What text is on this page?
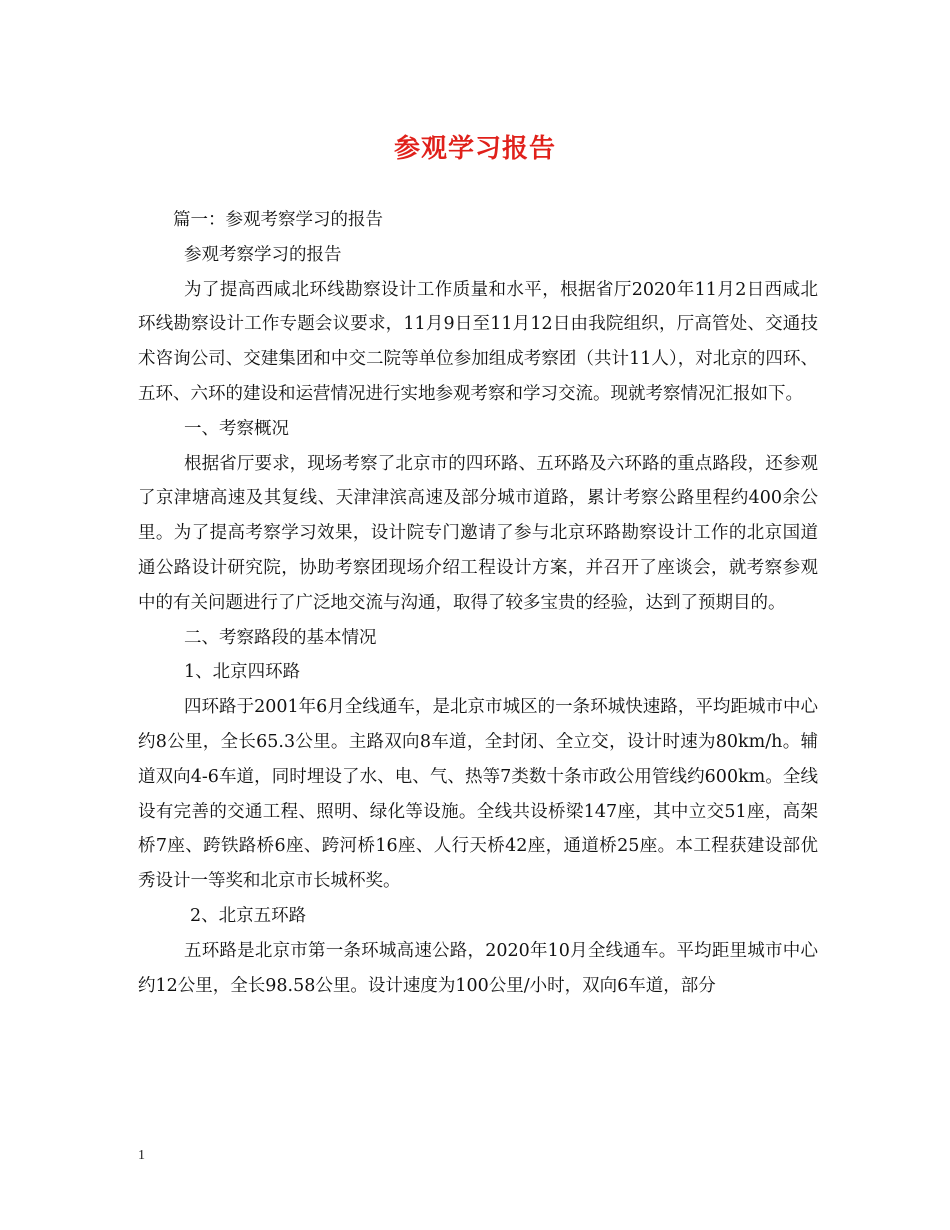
参观学习报告

篇一：参观考察学习的报告

参观考察学习的报告

为了提高西咸北环线勘察设计工作质量和水平，根据省厅2020年11月2日西咸北环线勘察设计工作专题会议要求，11月9日至11月12日由我院组织，厅高管处、交通技术咨询公司、交建集团和中交二院等单位参加组成考察团（共计11人），对北京的四环、五环、六环的建设和运营情况进行实地参观考察和学习交流。现就考察情况汇报如下。

一、考察概况

根据省厅要求，现场考察了北京市的四环路、五环路及六环路的重点路段，还参观了京津塘高速及其复线、天津津滨高速及部分城市道路，累计考察公路里程约400余公里。为了提高考察学习效果，设计院专门邀请了参与北京环路勘察设计工作的北京国道通公路设计研究院，协助考察团现场介绍工程设计方案，并召开了座谈会，就考察参观中的有关问题进行了广泛地交流与沟通，取得了较多宝贵的经验，达到了预期目的。

二、考察路段的基本情况

1、北京四环路

四环路于2001年6月全线通车，是北京市城区的一条环城快速路，平均距城市中心约8公里，全长65.3公里。主路双向8车道，全封闭、全立交，设计时速为80km/h。辅道双向4-6车道，同时埋设了水、电、气、热等7类数十条市政公用管线约600km。全线设有完善的交通工程、照明、绿化等设施。全线共设桥梁147座，其中立交51座，高架桥7座、跨铁路桥6座、跨河桥16座、人行天桥42座，通道桥25座。本工程获建设部优秀设计一等奖和北京市长城杯奖。

2、北京五环路

五环路是北京市第一条环城高速公路，2020年10月全线通车。平均距里城市中心约12公里，全长98.58公里。设计速度为100公里/小时，双向6车道，部分

1
